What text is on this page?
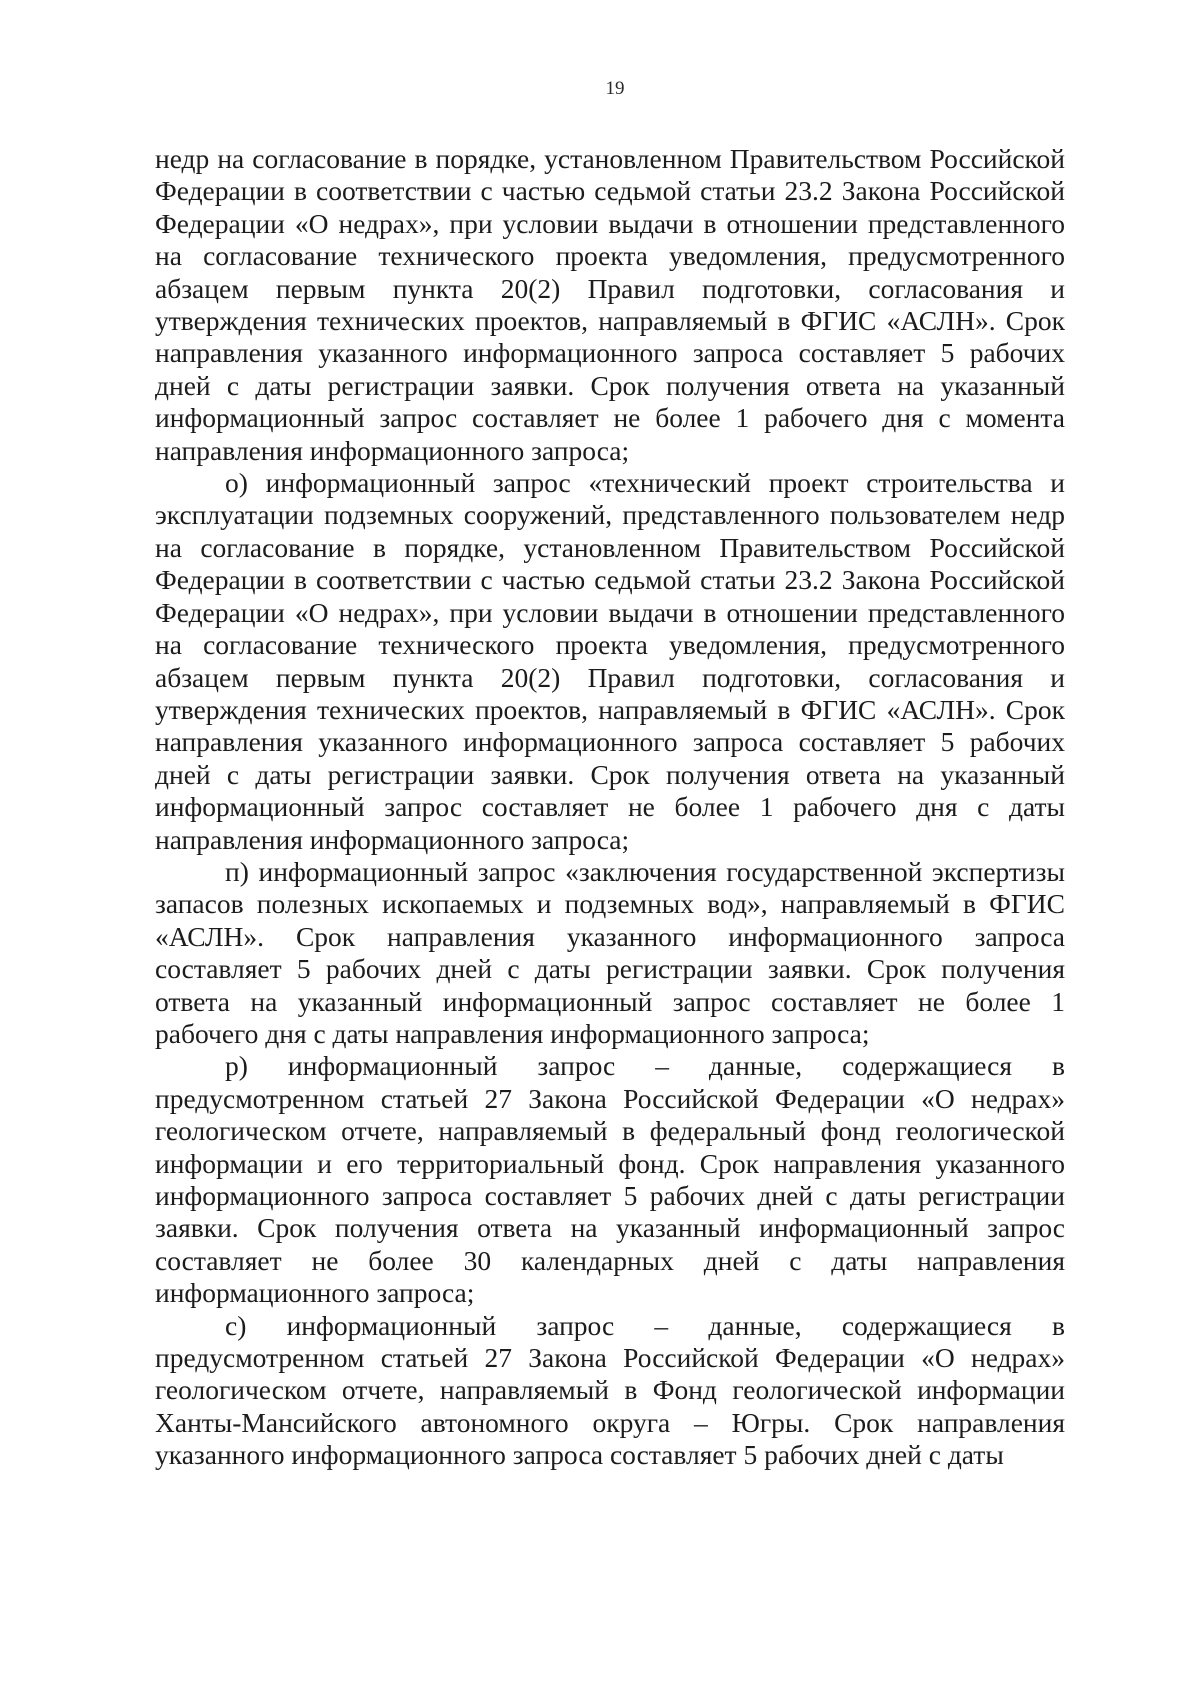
19

недр на согласование в порядке, установленном Правительством Российской Федерации в соответствии с частью седьмой статьи 23.2 Закона Российской Федерации «О недрах», при условии выдачи в отношении представленного на согласование технического проекта уведомления, предусмотренного абзацем первым пункта 20(2) Правил подготовки, согласования и утверждения технических проектов, направляемый в ФГИС «АСЛН». Срок направления указанного информационного запроса составляет 5 рабочих дней с даты регистрации заявки. Срок получения ответа на указанный информационный запрос составляет не более 1 рабочего дня с момента направления информационного запроса;

о) информационный запрос «технический проект строительства и эксплуатации подземных сооружений, представленного пользователем недр на согласование в порядке, установленном Правительством Российской Федерации в соответствии с частью седьмой статьи 23.2 Закона Российской Федерации «О недрах», при условии выдачи в отношении представленного на согласование технического проекта уведомления, предусмотренного абзацем первым пункта 20(2) Правил подготовки, согласования и утверждения технических проектов, направляемый в ФГИС «АСЛН». Срок направления указанного информационного запроса составляет 5 рабочих дней с даты регистрации заявки. Срок получения ответа на указанный информационный запрос составляет не более 1 рабочего дня с даты направления информационного запроса;

п) информационный запрос «заключения государственной экспертизы запасов полезных ископаемых и подземных вод», направляемый в ФГИС «АСЛН». Срок направления указанного информационного запроса составляет 5 рабочих дней с даты регистрации заявки. Срок получения ответа на указанный информационный запрос составляет не более 1 рабочего дня с даты направления информационного запроса;

р) информационный запрос – данные, содержащиеся в предусмотренном статьей 27 Закона Российской Федерации «О недрах» геологическом отчете, направляемый в федеральный фонд геологической информации и его территориальный фонд. Срок направления указанного информационного запроса составляет 5 рабочих дней с даты регистрации заявки. Срок получения ответа на указанный информационный запрос составляет не более 30 календарных дней с даты направления информационного запроса;

с) информационный запрос – данные, содержащиеся в предусмотренном статьей 27 Закона Российской Федерации «О недрах» геологическом отчете, направляемый в Фонд геологической информации Ханты-Мансийского автономного округа – Югры. Срок направления указанного информационного запроса составляет 5 рабочих дней с даты
